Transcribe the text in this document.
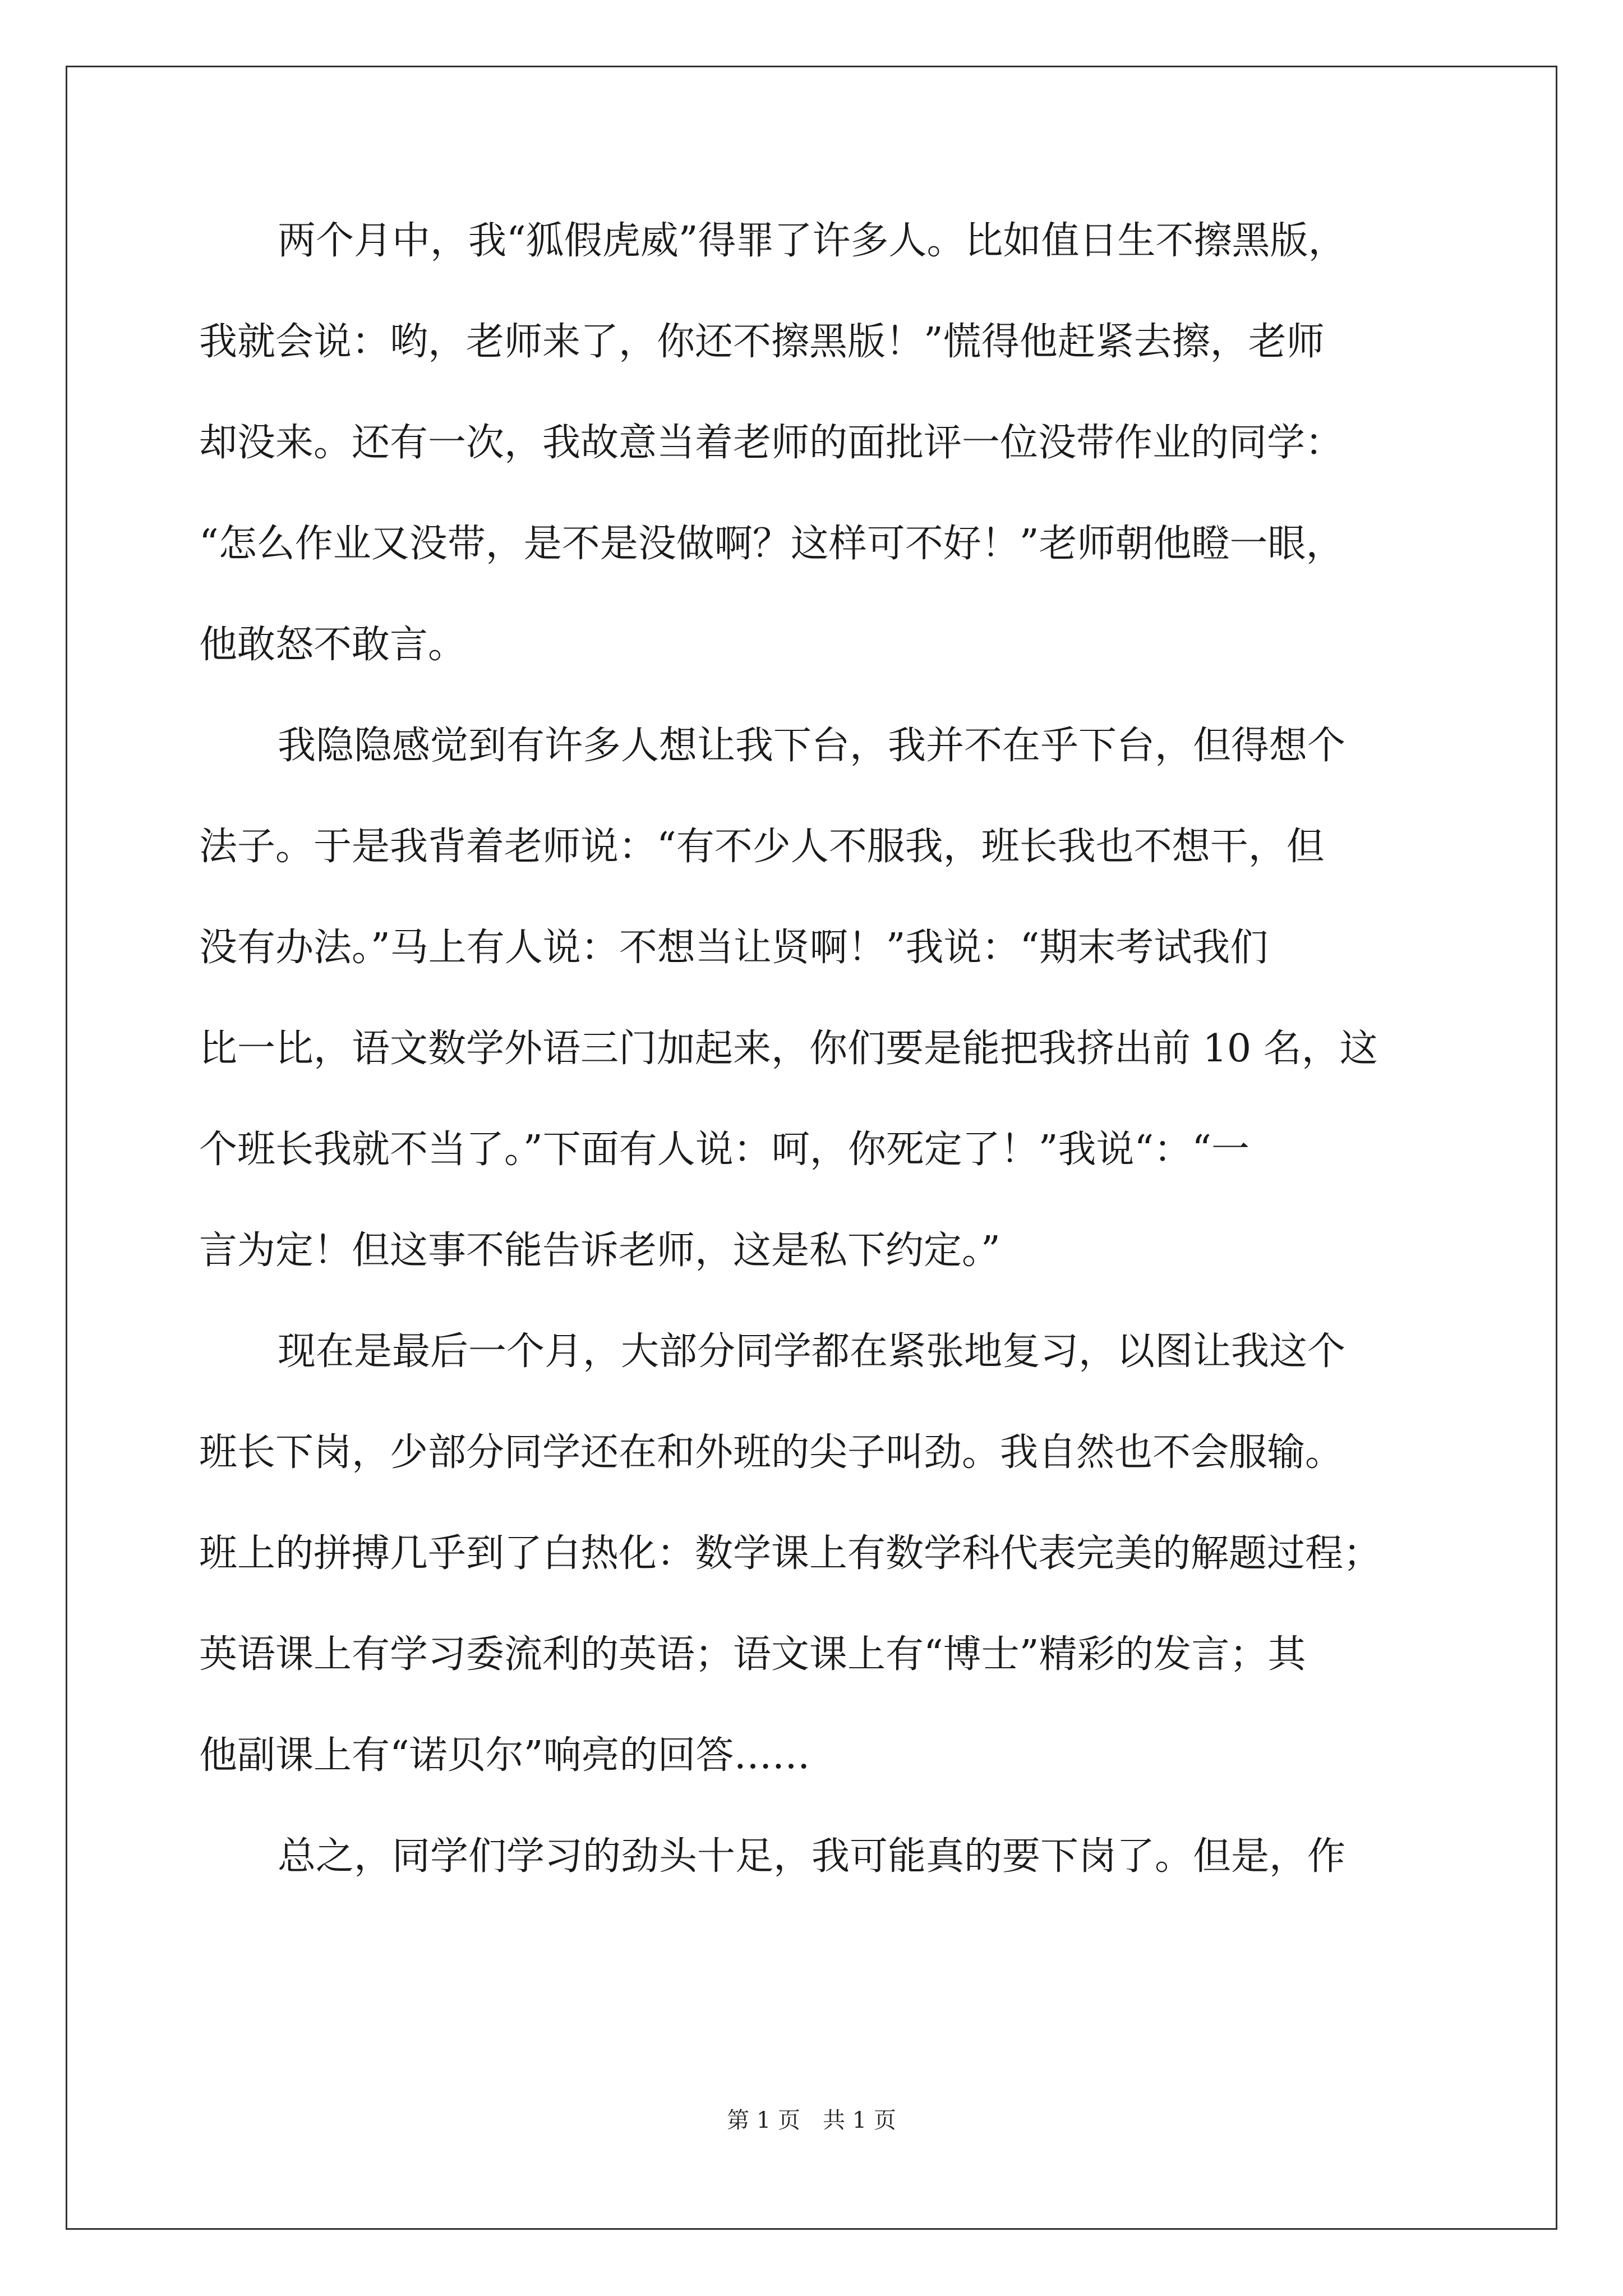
两个月中，我“狐假虎威”得罪了许多人。比如值日生不擦黑版，
我就会说：哟，老师来了，你还不擦黑版！”慌得他赶紧去擦，老师
却没来。还有一次，我故意当着老师的面批评一位没带作业的同学：
“怎么作业又没带，是不是没做啊？这样可不好！”老师朝他瞪一眼，
他敢怒不敢言。
我隐隐感觉到有许多人想让我下台，我并不在乎下台，但得想个
法子。于是我背着老师说：“有不少人不服我，班长我也不想干，但
没有办法。”马上有人说：不想当让贤啊！”我说：“期末考试我们
比一比，语文数学外语三门加起来，你们要是能把我挤出前 10 名，这
个班长我就不当了。”下面有人说：呵，你死定了！”我说“：“一
言为定！但这事不能告诉老师，这是私下约定。”
现在是最后一个月，大部分同学都在紧张地复习，以图让我这个
班长下岗，少部分同学还在和外班的尖子叫劲。我自然也不会服输。
班上的拼搏几乎到了白热化：数学课上有数学科代表完美的解题过程；
英语课上有学习委流利的英语；语文课上有“博士”精彩的发言；其
他副课上有“诺贝尔”响亮的回答……
总之，同学们学习的劲头十足，我可能真的要下岗了。但是，作
第 1 页 共 1 页
